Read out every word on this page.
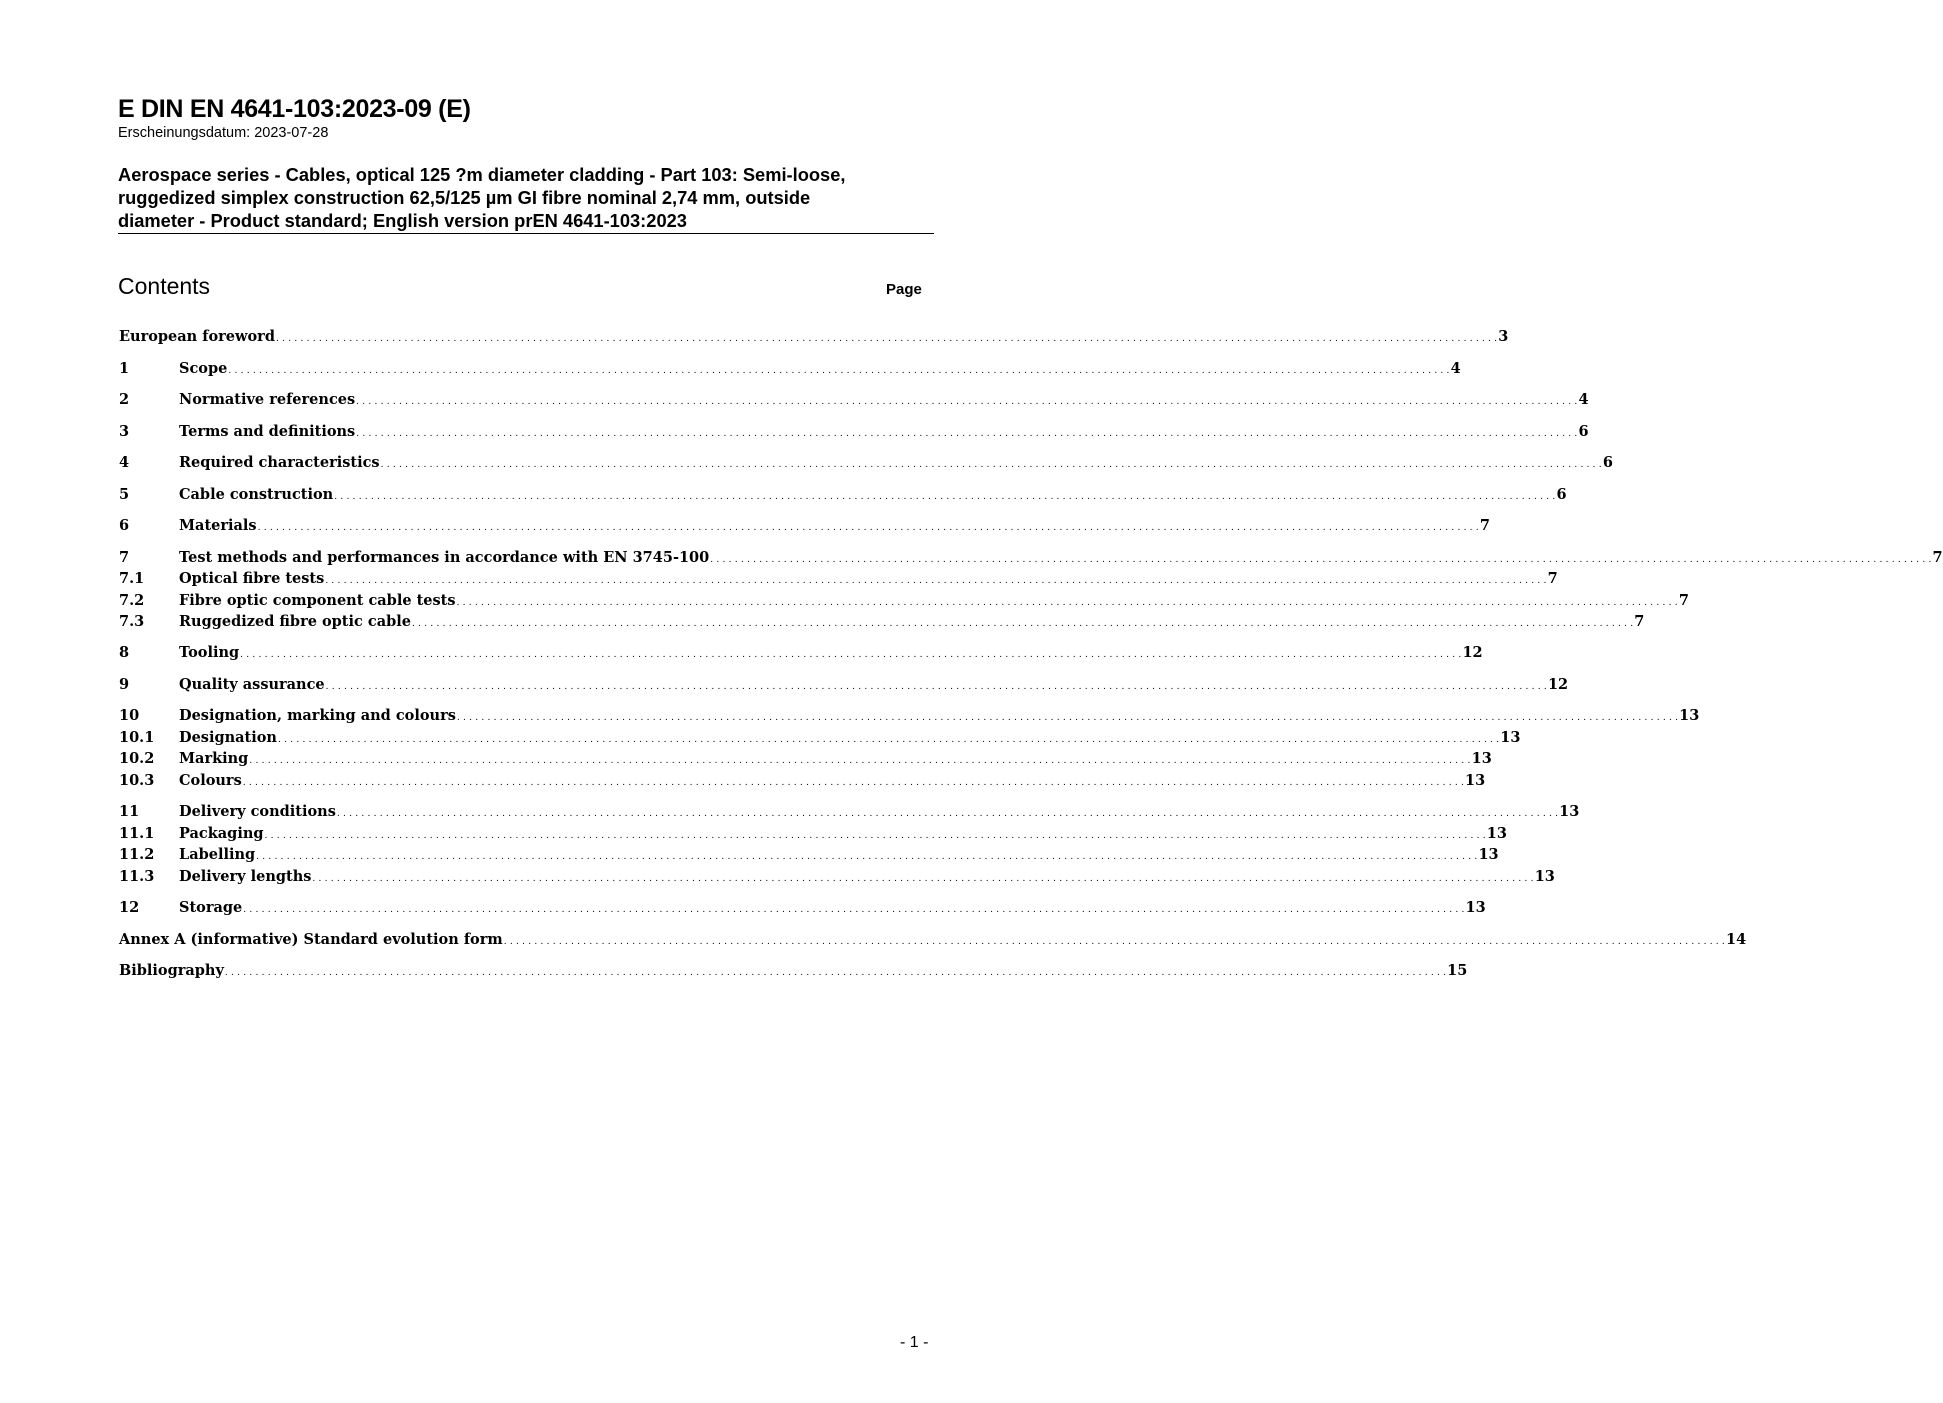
E DIN EN 4641-103:2023-09 (E)
Erscheinungsdatum: 2023-07-28
Aerospace series - Cables, optical 125 ?m diameter cladding - Part 103: Semi-loose,
ruggedized simplex construction 62,5/125 µm GI fibre nominal 2,74 mm, outside
diameter - Product standard; English version prEN 4641-103:2023
Contents	Page
European foreword . . . . . . . . . . . . . . . . . . . . . . . . . . . . . . . . . . . . . . . . . . . . . . . . . . . . . . . . . . . . . . . . . . . . . . . . . . . . . . . . . . . . . . . . . . . . . . . . . . . . . . . . . . . . . . . . . . . . . . . . . . . . . . . . . . . . . . . . . . . . . . . . . . . . . . . . . . . . . . . . . . . . . . . . . . . . . . . . . . . . . . . . . . . . . . . . . . . . . . . . 3
1	Scope . . . . . . . . . . . . . . . . . . . . . . . . . . . . . . . . . . . . . . . . . . . . . . . . . . . . . . . . . . . . . . . . . . . . . . . . . . . . . . . . . . . . . . . . . . . . . . . . . . . . . . . . . . . . . . . . . . . . . . . . . . . . . . . . . . . . . . . . . . . . . . . . . . . . . . . . . . . . . . . . . . . . . . . . . . . . . . . . . . . . . . . . . . . . . . . . . . . . . . . . 4
2	Normative references . . . . . . . . . . . . . . . . . . . . . . . . . . . . . . . . . . . . . . . . . . . . . . . . . . . . . . . . . . . . . . . . . . . . . . . . . . . . . . . . . . . . . . . . . . . . . . . . . . . . . . . . . . . . . . . . . . . . . . . . . . . . . . . . . . . . . . . . . . . . . . . . . . . . . . . . . . . . . . . . . . . . . . . . . . . . . . . . . . . . . . . . . . . . . . . . . . . . . . . . 4
3	Terms and definitions . . . . . . . . . . . . . . . . . . . . . . . . . . . . . . . . . . . . . . . . . . . . . . . . . . . . . . . . . . . . . . . . . . . . . . . . . . . . . . . . . . . . . . . . . . . . . . . . . . . . . . . . . . . . . . . . . . . . . . . . . . . . . . . . . . . . . . . . . . . . . . . . . . . . . . . . . . . . . . . . . . . . . . . . . . . . . . . . . . . . . . . . . . . . . . . . . . . . . . . . 6
4	Required characteristics . . . . . . . . . . . . . . . . . . . . . . . . . . . . . . . . . . . . . . . . . . . . . . . . . . . . . . . . . . . . . . . . . . . . . . . . . . . . . . . . . . . . . . . . . . . . . . . . . . . . . . . . . . . . . . . . . . . . . . . . . . . . . . . . . . . . . . . . . . . . . . . . . . . . . . . . . . . . . . . . . . . . . . . . . . . . . . . . . . . . . . . . . . . . . . . . . . . . . . . . 6
5	Cable construction . . . . . . . . . . . . . . . . . . . . . . . . . . . . . . . . . . . . . . . . . . . . . . . . . . . . . . . . . . . . . . . . . . . . . . . . . . . . . . . . . . . . . . . . . . . . . . . . . . . . . . . . . . . . . . . . . . . . . . . . . . . . . . . . . . . . . . . . . . . . . . . . . . . . . . . . . . . . . . . . . . . . . . . . . . . . . . . . . . . . . . . . . . . . . . . . . . . . . . . . 6
6	Materials . . . . . . . . . . . . . . . . . . . . . . . . . . . . . . . . . . . . . . . . . . . . . . . . . . . . . . . . . . . . . . . . . . . . . . . . . . . . . . . . . . . . . . . . . . . . . . . . . . . . . . . . . . . . . . . . . . . . . . . . . . . . . . . . . . . . . . . . . . . . . . . . . . . . . . . . . . . . . . . . . . . . . . . . . . . . . . . . . . . . . . . . . . . . . . . . . . . . . . . . 7
7	Test methods and performances in accordance with EN 3745-100 . . . . . . . . . . . . . . . . . . . . . . . . . . . . . . . . . . . . . . . . . . . . . . . . . . . . . . . . . . . . . . . . . . . . . . . . . . . . . . . . . . . . . . . . . . . . . . . . . . . . . . . . . . . . . . . . . . . . . . . . . . . . . . . . . . . . . . . . . . . . . . . . . . . . . . . . . . . . . . . . . . . . . . . . . . . . . . . . . . . . . . . . . . . . . . . . . . . . . . . . 7
7.1	Optical fibre tests . . . . . . . . . . . . . . . . . . . . . . . . . . . . . . . . . . . . . . . . . . . . . . . . . . . . . . . . . . . . . . . . . . . . . . . . . . . . . . . . . . . . . . . . . . . . . . . . . . . . . . . . . . . . . . . . . . . . . . . . . . . . . . . . . . . . . . . . . . . . . . . . . . . . . . . . . . . . . . . . . . . . . . . . . . . . . . . . . . . . . . . . . . . . . . . . . . . . . . . . 7
7.2	Fibre optic component cable tests . . . . . . . . . . . . . . . . . . . . . . . . . . . . . . . . . . . . . . . . . . . . . . . . . . . . . . . . . . . . . . . . . . . . . . . . . . . . . . . . . . . . . . . . . . . . . . . . . . . . . . . . . . . . . . . . . . . . . . . . . . . . . . . . . . . . . . . . . . . . . . . . . . . . . . . . . . . . . . . . . . . . . . . . . . . . . . . . . . . . . . . . . . . . . . . . . . . . . . . . 7
7.3	Ruggedized fibre optic cable . . . . . . . . . . . . . . . . . . . . . . . . . . . . . . . . . . . . . . . . . . . . . . . . . . . . . . . . . . . . . . . . . . . . . . . . . . . . . . . . . . . . . . . . . . . . . . . . . . . . . . . . . . . . . . . . . . . . . . . . . . . . . . . . . . . . . . . . . . . . . . . . . . . . . . . . . . . . . . . . . . . . . . . . . . . . . . . . . . . . . . . . . . . . . . . . . . . . . . . . 7
8	Tooling . . . . . . . . . . . . . . . . . . . . . . . . . . . . . . . . . . . . . . . . . . . . . . . . . . . . . . . . . . . . . . . . . . . . . . . . . . . . . . . . . . . . . . . . . . . . . . . . . . . . . . . . . . . . . . . . . . . . . . . . . . . . . . . . . . . . . . . . . . . . . . . . . . . . . . . . . . . . . . . . . . . . . . . . . . . . . . . . . . . . . . . . . . . . . . . . . . . . . . . . 12
9	Quality assurance . . . . . . . . . . . . . . . . . . . . . . . . . . . . . . . . . . . . . . . . . . . . . . . . . . . . . . . . . . . . . . . . . . . . . . . . . . . . . . . . . . . . . . . . . . . . . . . . . . . . . . . . . . . . . . . . . . . . . . . . . . . . . . . . . . . . . . . . . . . . . . . . . . . . . . . . . . . . . . . . . . . . . . . . . . . . . . . . . . . . . . . . . . . . . . . . . . . . . . . . 12
10	Designation, marking and colours . . . . . . . . . . . . . . . . . . . . . . . . . . . . . . . . . . . . . . . . . . . . . . . . . . . . . . . . . . . . . . . . . . . . . . . . . . . . . . . . . . . . . . . . . . . . . . . . . . . . . . . . . . . . . . . . . . . . . . . . . . . . . . . . . . . . . . . . . . . . . . . . . . . . . . . . . . . . . . . . . . . . . . . . . . . . . . . . . . . . . . . . . . . . . . . . . . . . . . . . 13
10.1	Designation . . . . . . . . . . . . . . . . . . . . . . . . . . . . . . . . . . . . . . . . . . . . . . . . . . . . . . . . . . . . . . . . . . . . . . . . . . . . . . . . . . . . . . . . . . . . . . . . . . . . . . . . . . . . . . . . . . . . . . . . . . . . . . . . . . . . . . . . . . . . . . . . . . . . . . . . . . . . . . . . . . . . . . . . . . . . . . . . . . . . . . . . . . . . . . . . . . . . . . . . 13
10.2	Marking . . . . . . . . . . . . . . . . . . . . . . . . . . . . . . . . . . . . . . . . . . . . . . . . . . . . . . . . . . . . . . . . . . . . . . . . . . . . . . . . . . . . . . . . . . . . . . . . . . . . . . . . . . . . . . . . . . . . . . . . . . . . . . . . . . . . . . . . . . . . . . . . . . . . . . . . . . . . . . . . . . . . . . . . . . . . . . . . . . . . . . . . . . . . . . . . . . . . . . . . 13
10.3	Colours . . . . . . . . . . . . . . . . . . . . . . . . . . . . . . . . . . . . . . . . . . . . . . . . . . . . . . . . . . . . . . . . . . . . . . . . . . . . . . . . . . . . . . . . . . . . . . . . . . . . . . . . . . . . . . . . . . . . . . . . . . . . . . . . . . . . . . . . . . . . . . . . . . . . . . . . . . . . . . . . . . . . . . . . . . . . . . . . . . . . . . . . . . . . . . . . . . . . . . . . 13
11	Delivery conditions . . . . . . . . . . . . . . . . . . . . . . . . . . . . . . . . . . . . . . . . . . . . . . . . . . . . . . . . . . . . . . . . . . . . . . . . . . . . . . . . . . . . . . . . . . . . . . . . . . . . . . . . . . . . . . . . . . . . . . . . . . . . . . . . . . . . . . . . . . . . . . . . . . . . . . . . . . . . . . . . . . . . . . . . . . . . . . . . . . . . . . . . . . . . . . . . . . . . . . . . 13
11.1	Packaging . . . . . . . . . . . . . . . . . . . . . . . . . . . . . . . . . . . . . . . . . . . . . . . . . . . . . . . . . . . . . . . . . . . . . . . . . . . . . . . . . . . . . . . . . . . . . . . . . . . . . . . . . . . . . . . . . . . . . . . . . . . . . . . . . . . . . . . . . . . . . . . . . . . . . . . . . . . . . . . . . . . . . . . . . . . . . . . . . . . . . . . . . . . . . . . . . . . . . . . . 13
11.2	Labelling . . . . . . . . . . . . . . . . . . . . . . . . . . . . . . . . . . . . . . . . . . . . . . . . . . . . . . . . . . . . . . . . . . . . . . . . . . . . . . . . . . . . . . . . . . . . . . . . . . . . . . . . . . . . . . . . . . . . . . . . . . . . . . . . . . . . . . . . . . . . . . . . . . . . . . . . . . . . . . . . . . . . . . . . . . . . . . . . . . . . . . . . . . . . . . . . . . . . . . . . 13
11.3	Delivery lengths . . . . . . . . . . . . . . . . . . . . . . . . . . . . . . . . . . . . . . . . . . . . . . . . . . . . . . . . . . . . . . . . . . . . . . . . . . . . . . . . . . . . . . . . . . . . . . . . . . . . . . . . . . . . . . . . . . . . . . . . . . . . . . . . . . . . . . . . . . . . . . . . . . . . . . . . . . . . . . . . . . . . . . . . . . . . . . . . . . . . . . . . . . . . . . . . . . . . . . . . 13
12	Storage . . . . . . . . . . . . . . . . . . . . . . . . . . . . . . . . . . . . . . . . . . . . . . . . . . . . . . . . . . . . . . . . . . . . . . . . . . . . . . . . . . . . . . . . . . . . . . . . . . . . . . . . . . . . . . . . . . . . . . . . . . . . . . . . . . . . . . . . . . . . . . . . . . . . . . . . . . . . . . . . . . . . . . . . . . . . . . . . . . . . . . . . . . . . . . . . . . . . . . . . 13
Annex A (informative) Standard evolution form . . . . . . . . . . . . . . . . . . . . . . . . . . . . . . . . . . . . . . . . . . . . . . . . . . . . . . . . . . . . . . . . . . . . . . . . . . . . . . . . . . . . . . . . . . . . . . . . . . . . . . . . . . . . . . . . . . . . . . . . . . . . . . . . . . . . . . . . . . . . . . . . . . . . . . . . . . . . . . . . . . . . . . . . . . . . . . . . . . . . . . . . . . . . . . . . . . . . . . . . 14
Bibliography . . . . . . . . . . . . . . . . . . . . . . . . . . . . . . . . . . . . . . . . . . . . . . . . . . . . . . . . . . . . . . . . . . . . . . . . . . . . . . . . . . . . . . . . . . . . . . . . . . . . . . . . . . . . . . . . . . . . . . . . . . . . . . . . . . . . . . . . . . . . . . . . . . . . . . . . . . . . . . . . . . . . . . . . . . . . . . . . . . . . . . . . . . . . . . . . . . . . . . . . 15
- 1 -
